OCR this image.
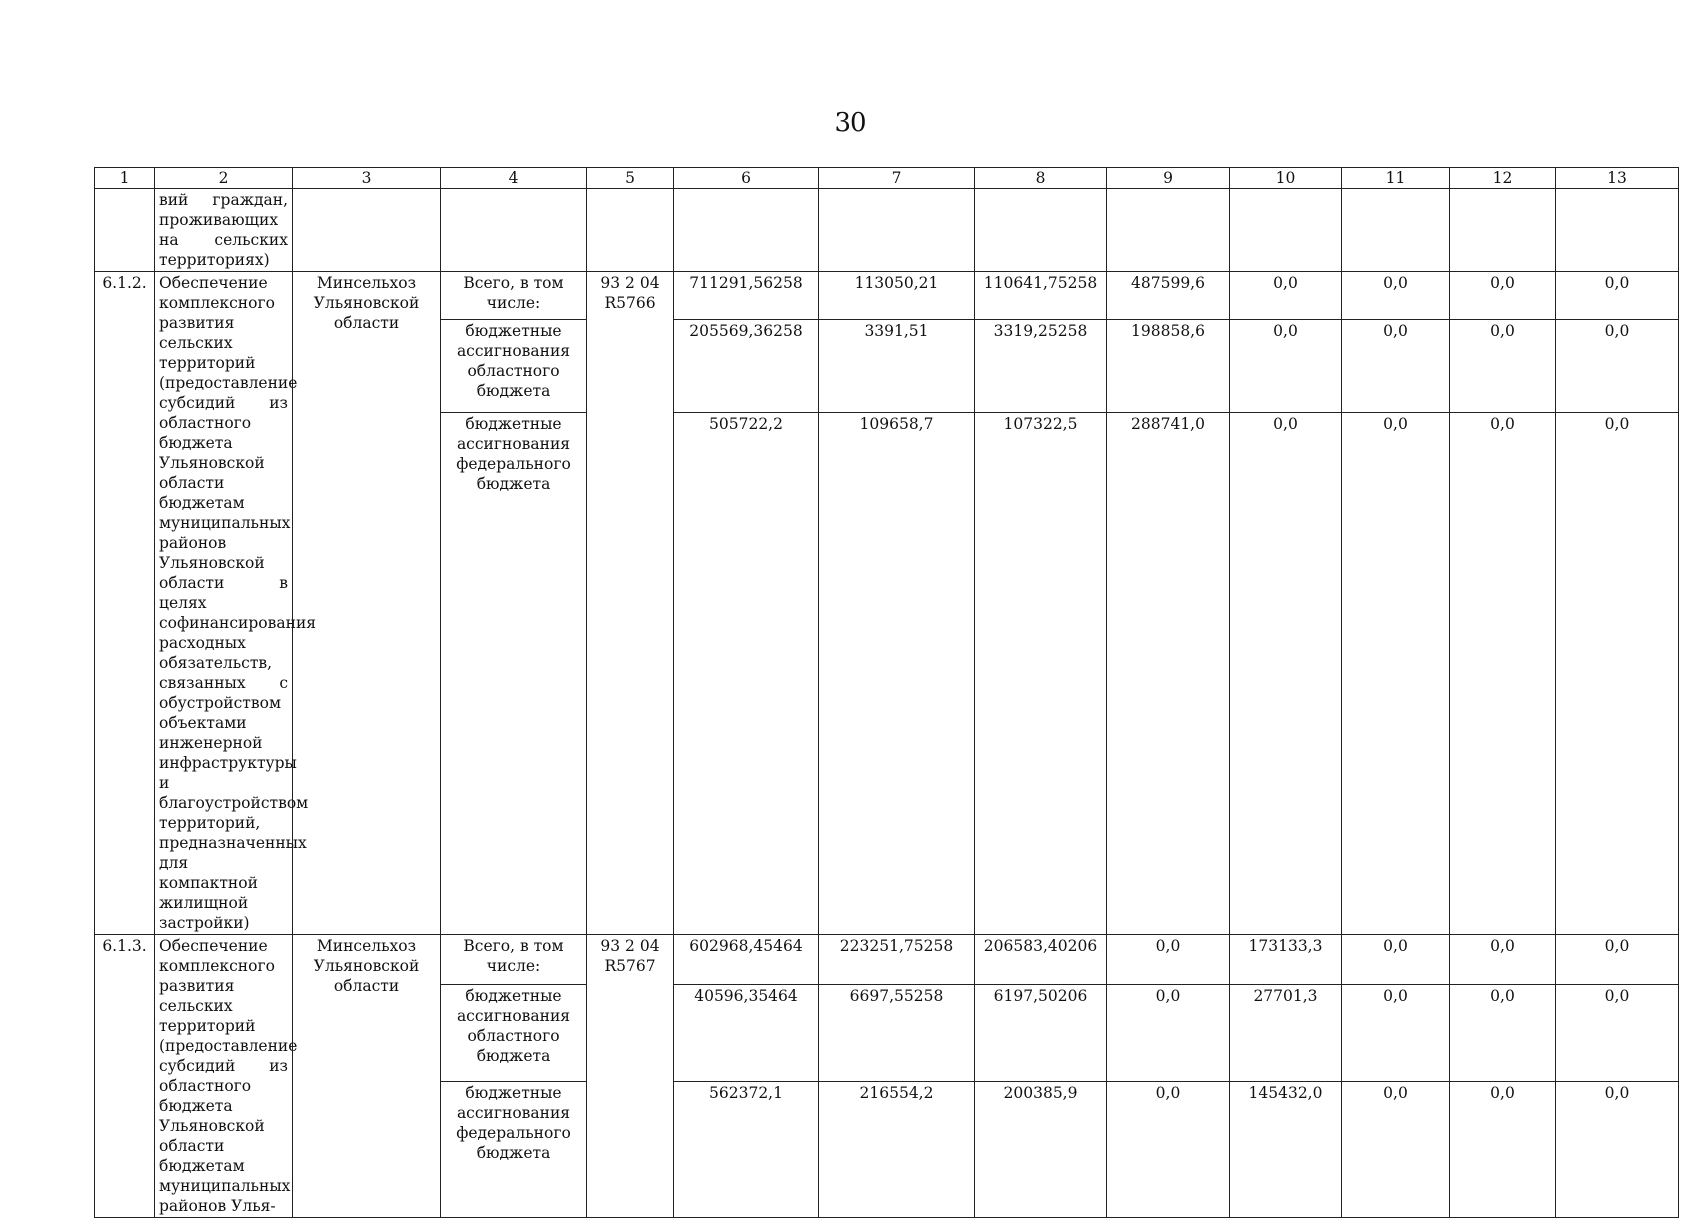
30
1	2	3	4	5	6	7	8	9	10	11	12	13
	вий граждан, проживающих на сельских территориях)											
6.1.2.	Обеспечение комплексного развития сельских территорий (предоставление субсидий из областного бюджета Ульяновской области бюджетам муниципальных районов Ульяновской области в целях софинансирования расходных обязательств, связанных с обустройством объектами инженерной инфраструктуры и благоустройством территорий, предназначенных для компактной жилищной застройки)	Минсельхоз Ульяновской области	Всего, в том числе:	93 2 04 R5766	711291,56258	113050,21	110641,75258	487599,6	0,0	0,0	0,0	0,0
			бюджетные ассигнования областного бюджета		205569,36258	3391,51	3319,25258	198858,6	0,0	0,0	0,0	0,0
			бюджетные ассигнования федерального бюджета		505722,2	109658,7	107322,5	288741,0	0,0	0,0	0,0	0,0
6.1.3.	Обеспечение комплексного развития сельских территорий (предоставление субсидий из областного бюджета Ульяновской области бюджетам муниципальных районов Улья-	Минсельхоз Ульяновской области	Всего, в том числе:	93 2 04 R5767	602968,45464	223251,75258	206583,40206	0,0	173133,3	0,0	0,0	0,0
			бюджетные ассигнования областного бюджета		40596,35464	6697,55258	6197,50206	0,0	27701,3	0,0	0,0	0,0
			бюджетные ассигнования федерального бюджета		562372,1	216554,2	200385,9	0,0	145432,0	0,0	0,0	0,0
